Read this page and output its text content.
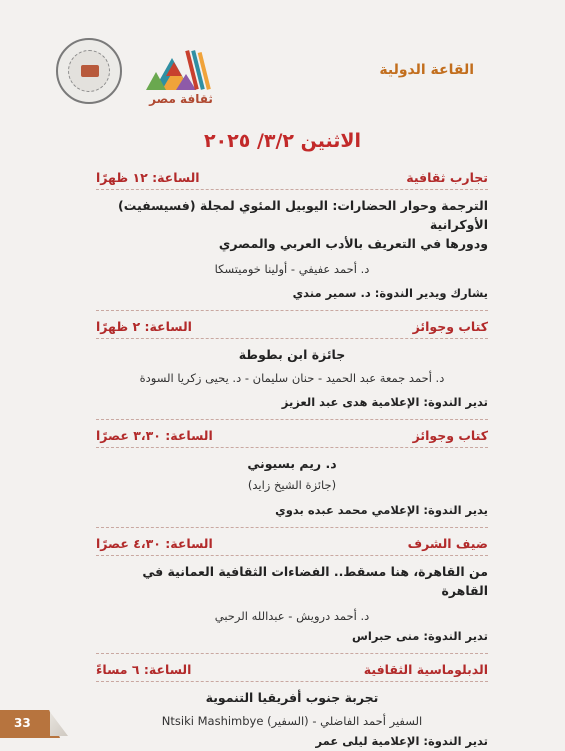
ثقافة مصر
القاعة الدولية
الاثنين ٣/٢/ ٢٠٢٥
تجارب ثقافية
الساعة: ١٢ ظهرًا
الترجمة وحوار الحضارات: اليوبيل المئوي لمجلة (فسيسفيت) الأوكرانية
ودورها في التعريف بالأدب العربي والمصري
د. أحمد عفيفي - أولينا خوميتسكا
يشارك ويدير الندوة: د. سمير مندي
كتاب وجوائز
الساعة: ٢ ظهرًا
جائزة ابن بطوطة
د. أحمد جمعة عبد الحميد - حنان سليمان - د. يحيى زكريا السودة
تدير الندوة: الإعلامية هدى عبد العزيز
كتاب وجوائز
الساعة: ٣،٣٠ عصرًا
د. ريم بسيوني
(جائزة الشيخ زايد)
يدير الندوة: الإعلامي محمد عبده بدوي
ضيف الشرف
الساعة: ٤،٣٠ عصرًا
من القاهرة، هنا مسقط.. الفضاءات الثقافية العمانية في القاهرة
د. أحمد درويش - عبدالله الرحبي
تدير الندوة: منى حبراس
الدبلوماسية الثقافية
الساعة: ٦ مساءً
تجربة جنوب أفريقيا التنموية
السفير أحمد الفاضلي - (السفير) Ntsiki Mashimbye
تدير الندوة: الإعلامية ليلى عمر
33
